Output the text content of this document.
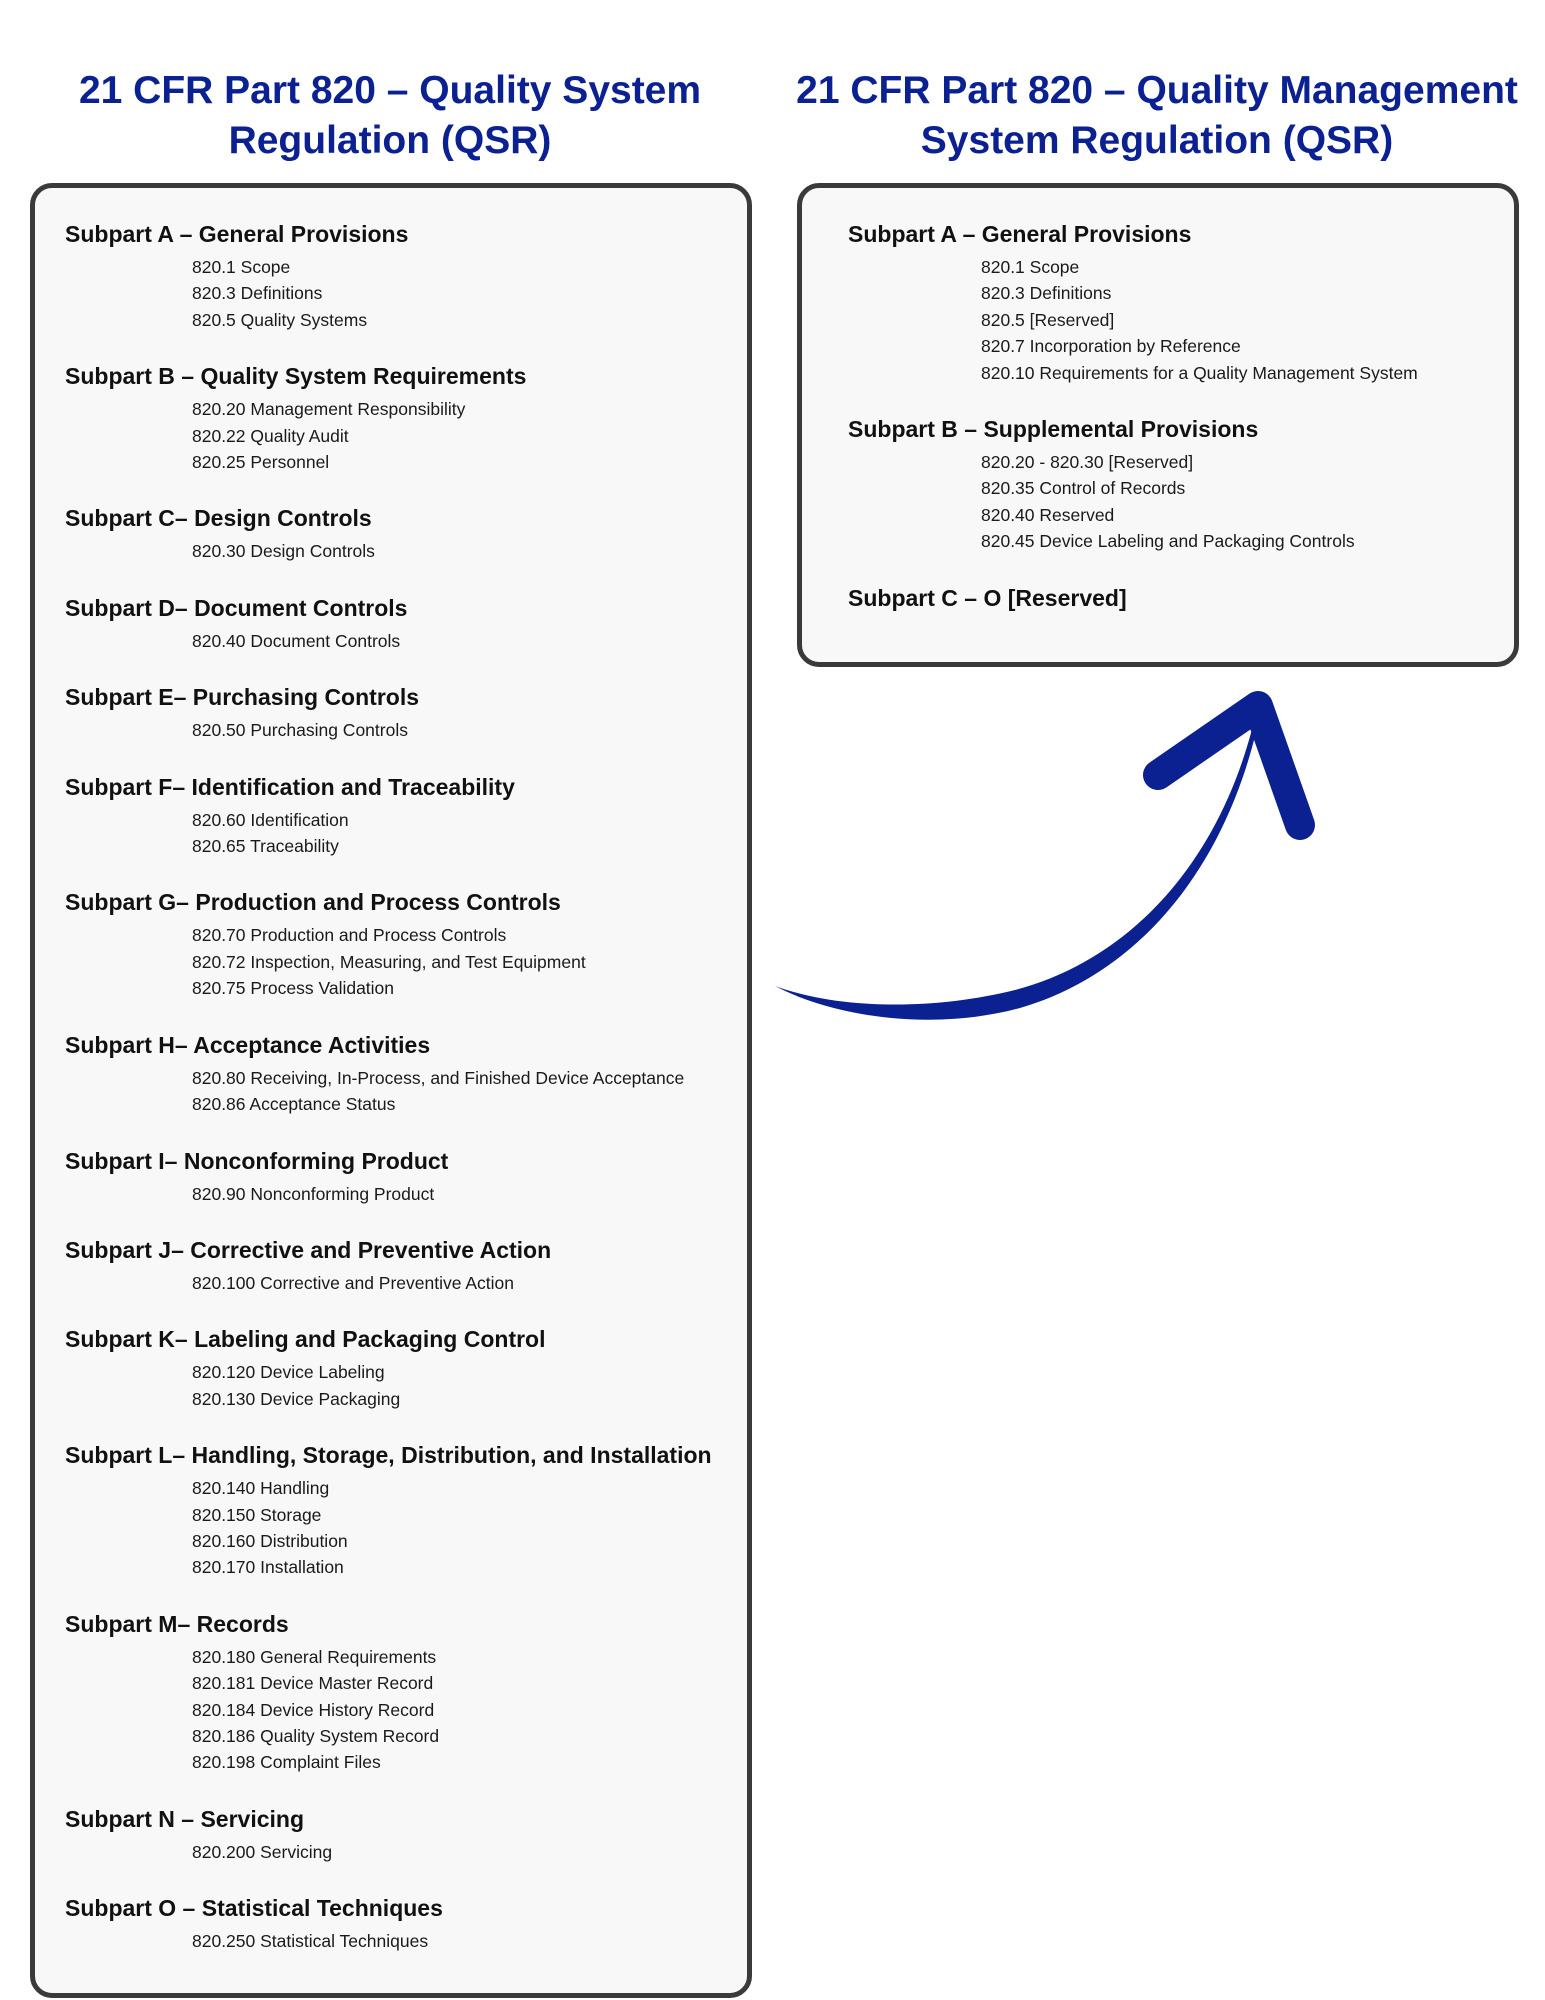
21 CFR Part 820 – Quality System Regulation (QSR)
21 CFR Part 820 – Quality Management System Regulation (QSR)
Subpart A – General Provisions
820.1 Scope
820.3 Definitions
820.5 Quality Systems
Subpart B – Quality System Requirements
820.20 Management Responsibility
820.22 Quality Audit
820.25 Personnel
Subpart C– Design Controls
820.30 Design Controls
Subpart D– Document Controls
820.40 Document Controls
Subpart E– Purchasing Controls
820.50 Purchasing Controls
Subpart F– Identification and Traceability
820.60 Identification
820.65 Traceability
Subpart G– Production and Process Controls
820.70 Production and Process Controls
820.72 Inspection, Measuring, and Test Equipment
820.75 Process Validation
Subpart H– Acceptance Activities
820.80 Receiving, In-Process, and Finished Device Acceptance
820.86 Acceptance Status
Subpart I– Nonconforming Product
820.90 Nonconforming Product
Subpart J– Corrective and Preventive Action
820.100 Corrective and Preventive Action
Subpart K– Labeling and Packaging Control
820.120 Device Labeling
820.130 Device Packaging
Subpart L– Handling, Storage, Distribution, and Installation
820.140 Handling
820.150 Storage
820.160 Distribution
820.170 Installation
Subpart M– Records
820.180 General Requirements
820.181 Device Master Record
820.184 Device History Record
820.186 Quality System Record
820.198 Complaint Files
Subpart N – Servicing
820.200 Servicing
Subpart O – Statistical Techniques
820.250 Statistical Techniques
Subpart A – General Provisions
820.1 Scope
820.3 Definitions
820.5 [Reserved]
820.7 Incorporation by Reference
820.10 Requirements for a Quality Management System
Subpart B – Supplemental Provisions
820.20 - 820.30 [Reserved]
820.35 Control of Records
820.40 Reserved
820.45 Device Labeling and Packaging Controls
Subpart C – O [Reserved]
